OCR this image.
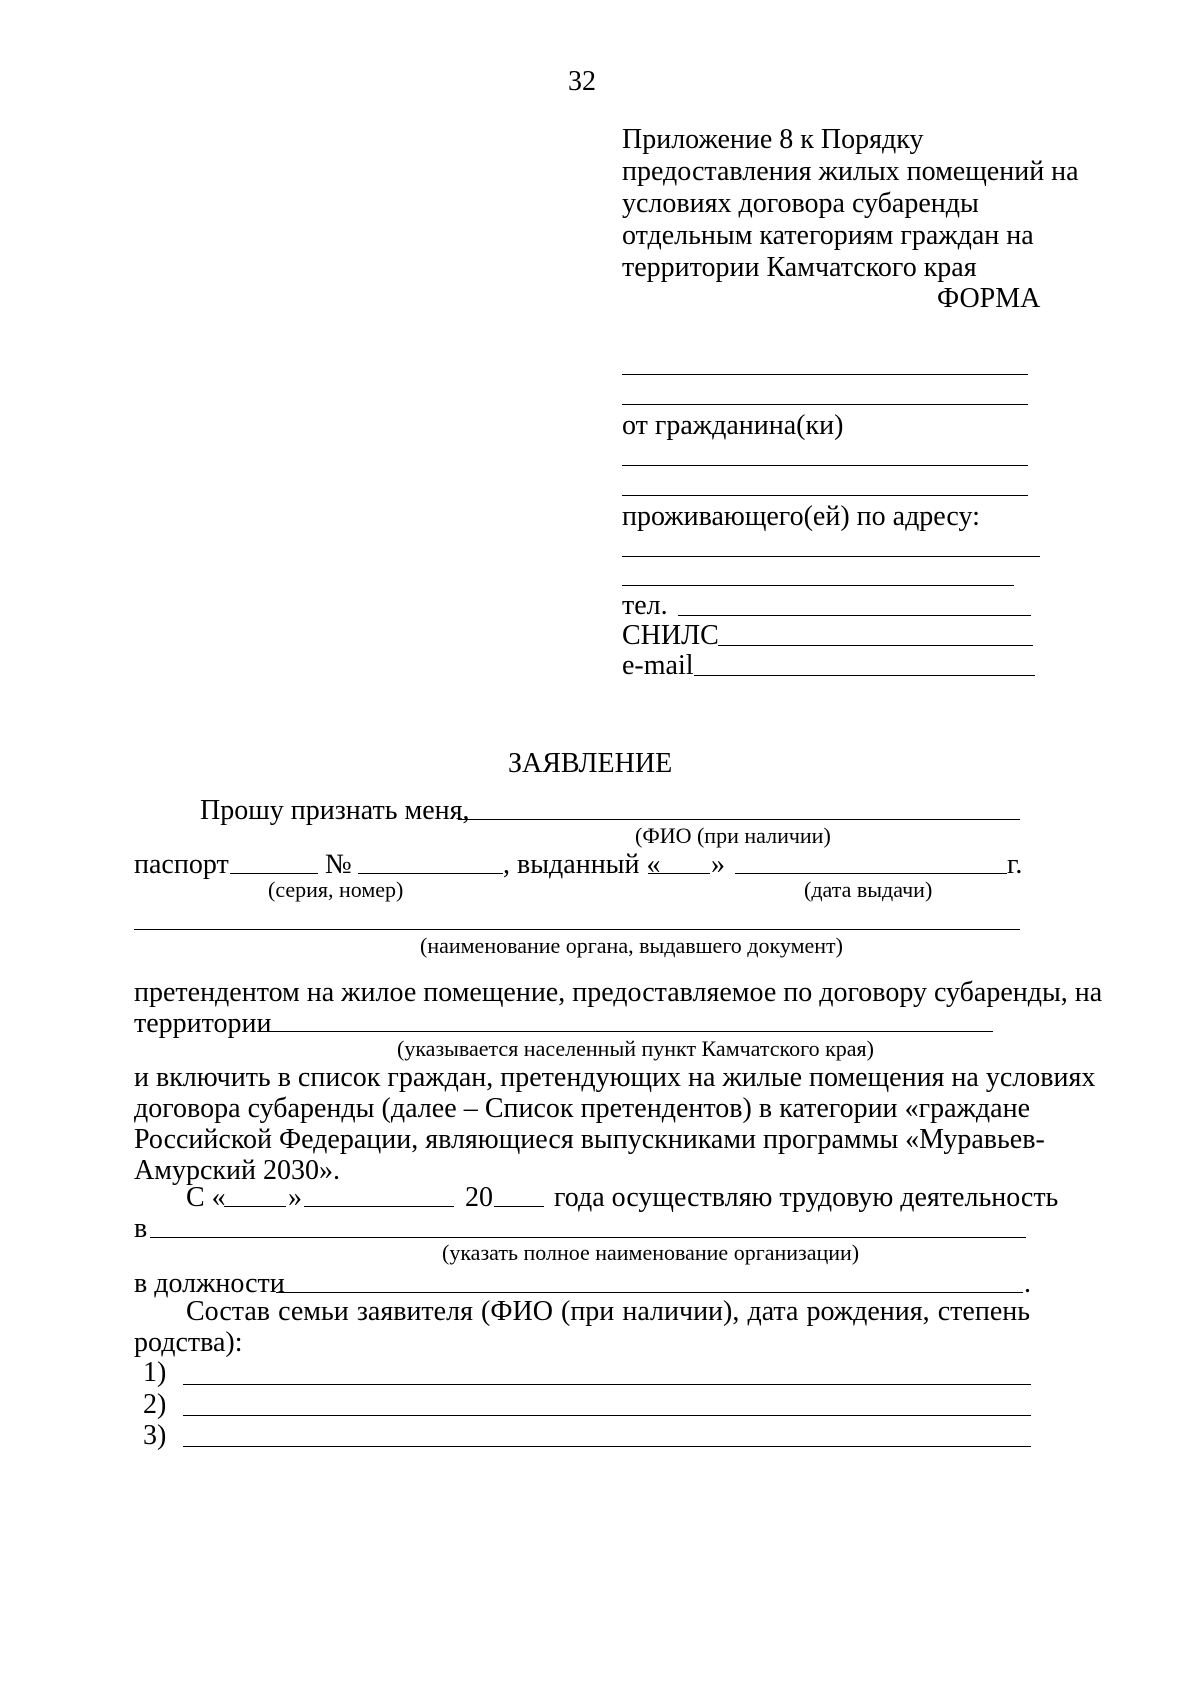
32
Приложение 8 к Порядку
предоставления жилых помещений на
условиях договора субаренды
отдельным категориям граждан на
территории Камчатского края
ФОРМА
от гражданина(ки)
проживающего(ей) по адресу:
тел.
СНИЛС
e-mail
ЗАЯВЛЕНИЕ
Прошу признать меня,
(ФИО (при наличии)
паспорт	№	, выданный « »	г.
(серия, номер)	(дата выдачи)
(наименование органа, выдавшего документ)
претендентом на жилое помещение, предоставляемое по договору субаренды, на
территории
(указывается населенный пункт Камчатского края)
и включить в список граждан, претендующих на жилые помещения на условиях
договора субаренды (далее – Список претендентов) в категории «граждане
Российской Федерации, являющиеся выпускниками программы «Муравьев-
Амурский 2030».
С « »	20 года осуществляю трудовую деятельность
в
(указать полное наименование организации)
в должности	.
Состав семьи заявителя (ФИО (при наличии), дата рождения, степень
родства):
1)
2)
3)
